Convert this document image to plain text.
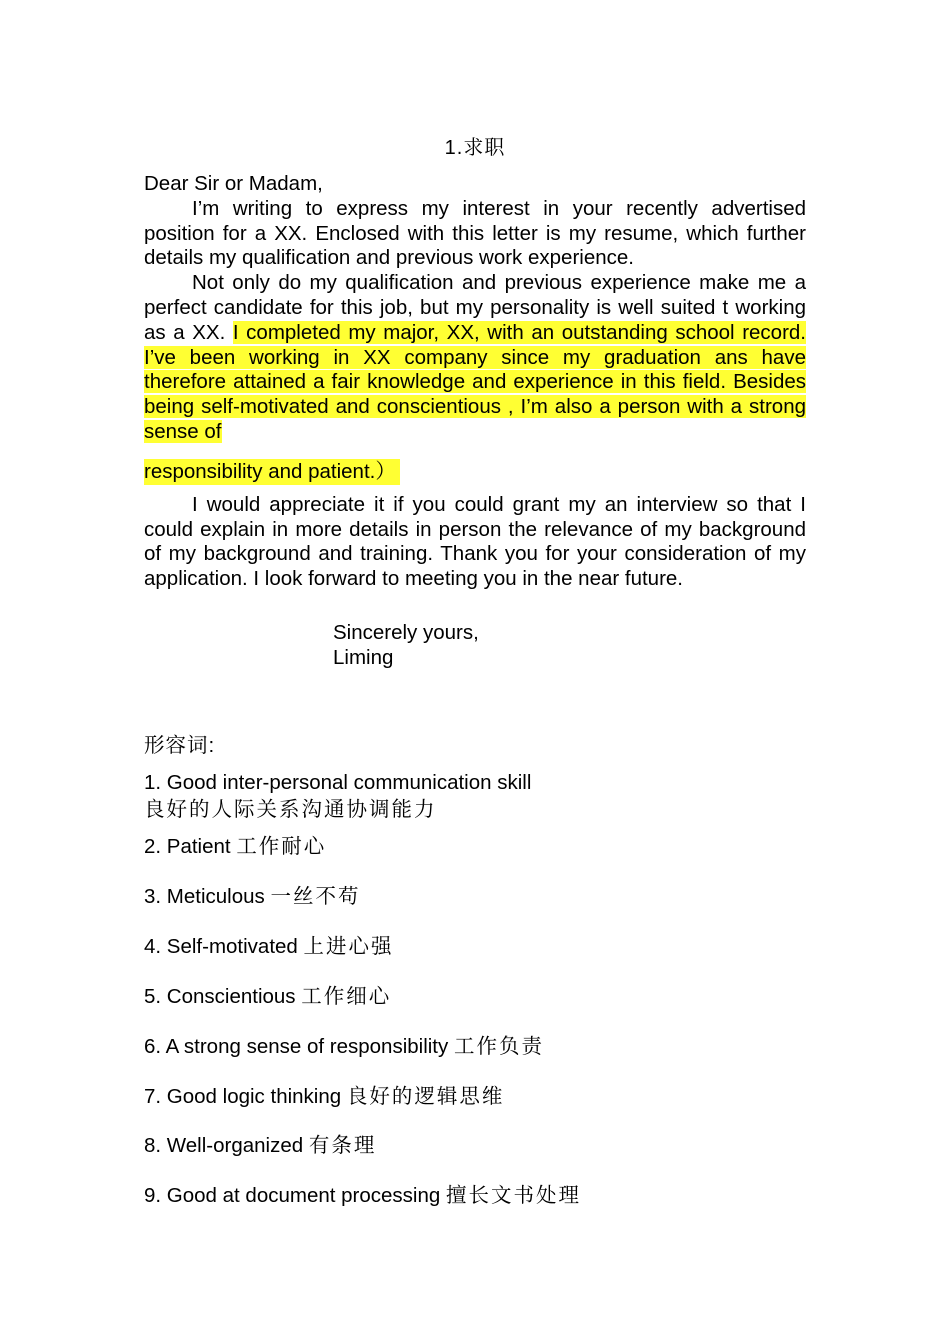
1.求职

Dear Sir or Madam,

I’m writing to express my interest in your recently advertised position for a XX. Enclosed with this letter is my resume, which further details my qualification and previous work experience.

Not only do my qualification and previous experience make me a perfect candidate for this job, but my personality is well suited t working as a XX. I completed my major, XX, with an outstanding school record. I’ve been working in XX company since my graduation ans have therefore attained a fair knowledge and experience in this field. Besides being self-motivated and conscientious , I’m also a person with a strong sense of

responsibility and patient.）

I would appreciate it if you could grant my an interview so that I could explain in more details in person the relevance of my background of my background and training. Thank you for your consideration of my application. I look forward to meeting you in the near future.

Sincerely yours,
Liming
形容词:
1. Good inter-personal communication skill
良好的人际关系沟通协调能力
2. Patient 工作耐心
3. Meticulous 一丝不苟
4. Self-motivated 上进心强
5. Conscientious 工作细心
6. A strong sense of responsibility 工作负责
7. Good logic thinking 良好的逻辑思维
8. Well-organized 有条理
9. Good at document processing 擅长文书处理
